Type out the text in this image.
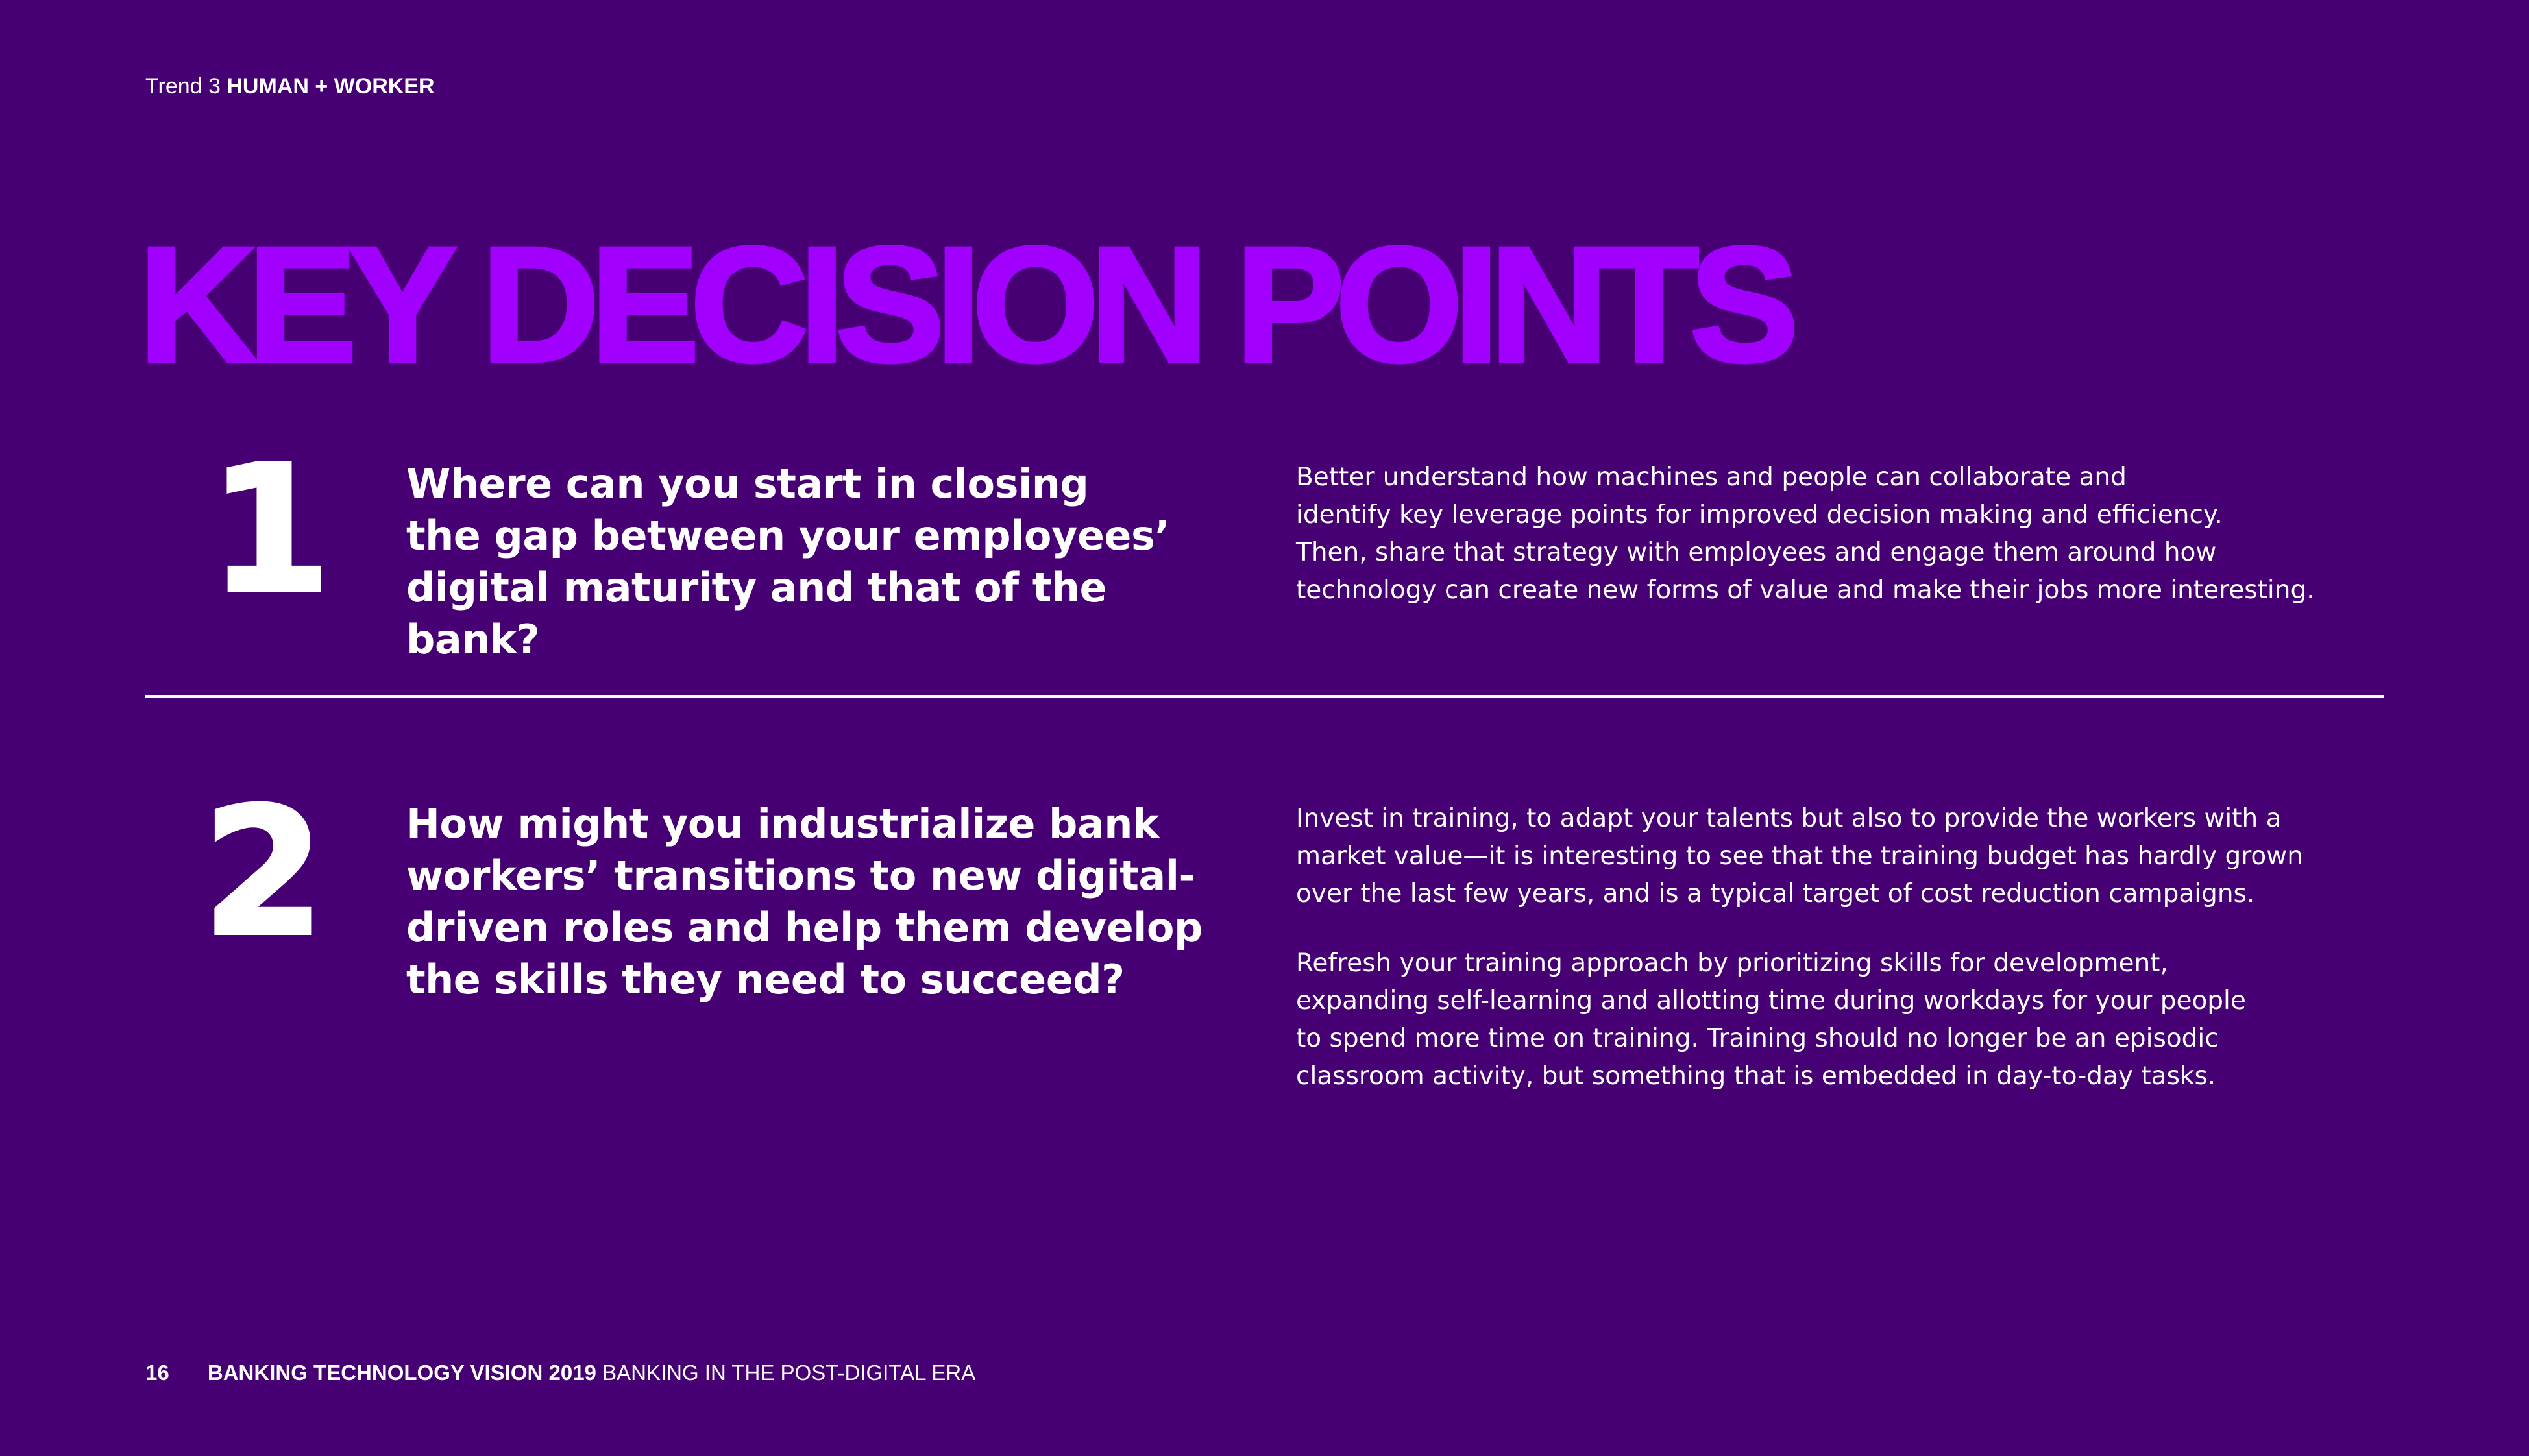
Trend 3 HUMAN + WORKER
KEY DECISION POINTS
1 Where can you start in closing
the gap between your employees’
digital maturity and that of the bank?
Better understand how machines and people can collaborate and
identify key leverage points for improved decision making and efficiency.
Then, share that strategy with employees and engage them around how
technology can create new forms of value and make their jobs more interesting.
2 How might you industrialize bank
workers’ transitions to new digital-
driven roles and help them develop
the skills they need to succeed?
Invest in training, to adapt your talents but also to provide the workers with a
market value—it is interesting to see that the training budget has hardly grown
over the last few years, and is a typical target of cost reduction campaigns.
Refresh your training approach by prioritizing skills for development,
expanding self-learning and allotting time during workdays for your people
to spend more time on training. Training should no longer be an episodic
classroom activity, but something that is embedded in day-to-day tasks.
16 BANKING TECHNOLOGY VISION 2019 BANKING IN THE POST-DIGITAL ERA
